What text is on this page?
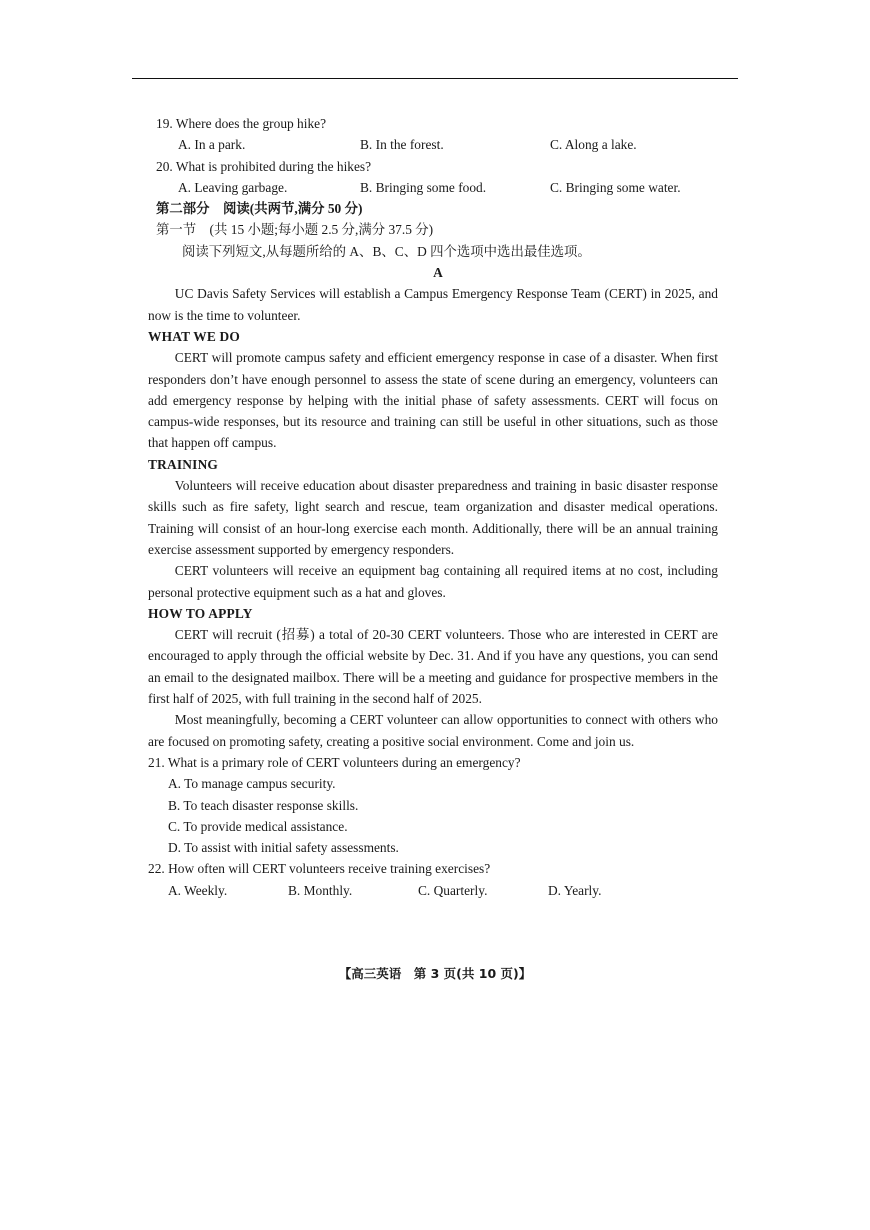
19. Where does the group hike?

A. In a park.	B. In the forest.	C. Along a lake.

20. What is prohibited during the hikes?

A. Leaving garbage.	B. Bringing some food.	C. Bringing some water.

第二部分　阅读(共两节,满分 50 分)

第一节　(共 15 小题;每小题 2.5 分,满分 37.5 分)

阅读下列短文,从每题所给的 A、B、C、D 四个选项中选出最佳选项。

A

UC Davis Safety Services will establish a Campus Emergency Response Team (CERT) in 2025, and now is the time to volunteer.

WHAT WE DO

CERT will promote campus safety and efficient emergency response in case of a disaster. When first responders don’t have enough personnel to assess the state of scene during an emergency, volunteers can add emergency response by helping with the initial phase of safety assessments. CERT will focus on campus-wide responses, but its resource and training can still be useful in other situations, such as those that happen off campus.

TRAINING

Volunteers will receive education about disaster preparedness and training in basic disaster response skills such as fire safety, light search and rescue, team organization and disaster medical operations. Training will consist of an hour-long exercise each month. Additionally, there will be an annual training exercise assessment supported by emergency responders.

CERT volunteers will receive an equipment bag containing all required items at no cost, including personal protective equipment such as a hat and gloves.

HOW TO APPLY

CERT will recruit (招募) a total of 20-30 CERT volunteers. Those who are interested in CERT are encouraged to apply through the official website by Dec. 31. And if you have any questions, you can send an email to the designated mailbox. There will be a meeting and guidance for prospective members in the first half of 2025, with full training in the second half of 2025.

Most meaningfully, becoming a CERT volunteer can allow opportunities to connect with others who are focused on promoting safety, creating a positive social environment. Come and join us.

21. What is a primary role of CERT volunteers during an emergency?

A. To manage campus security.

B. To teach disaster response skills.

C. To provide medical assistance.

D. To assist with initial safety assessments.

22. How often will CERT volunteers receive training exercises?

A. Weekly.	B. Monthly.	C. Quarterly.	D. Yearly.
【高三英语　第 3 页(共 10 页)】
